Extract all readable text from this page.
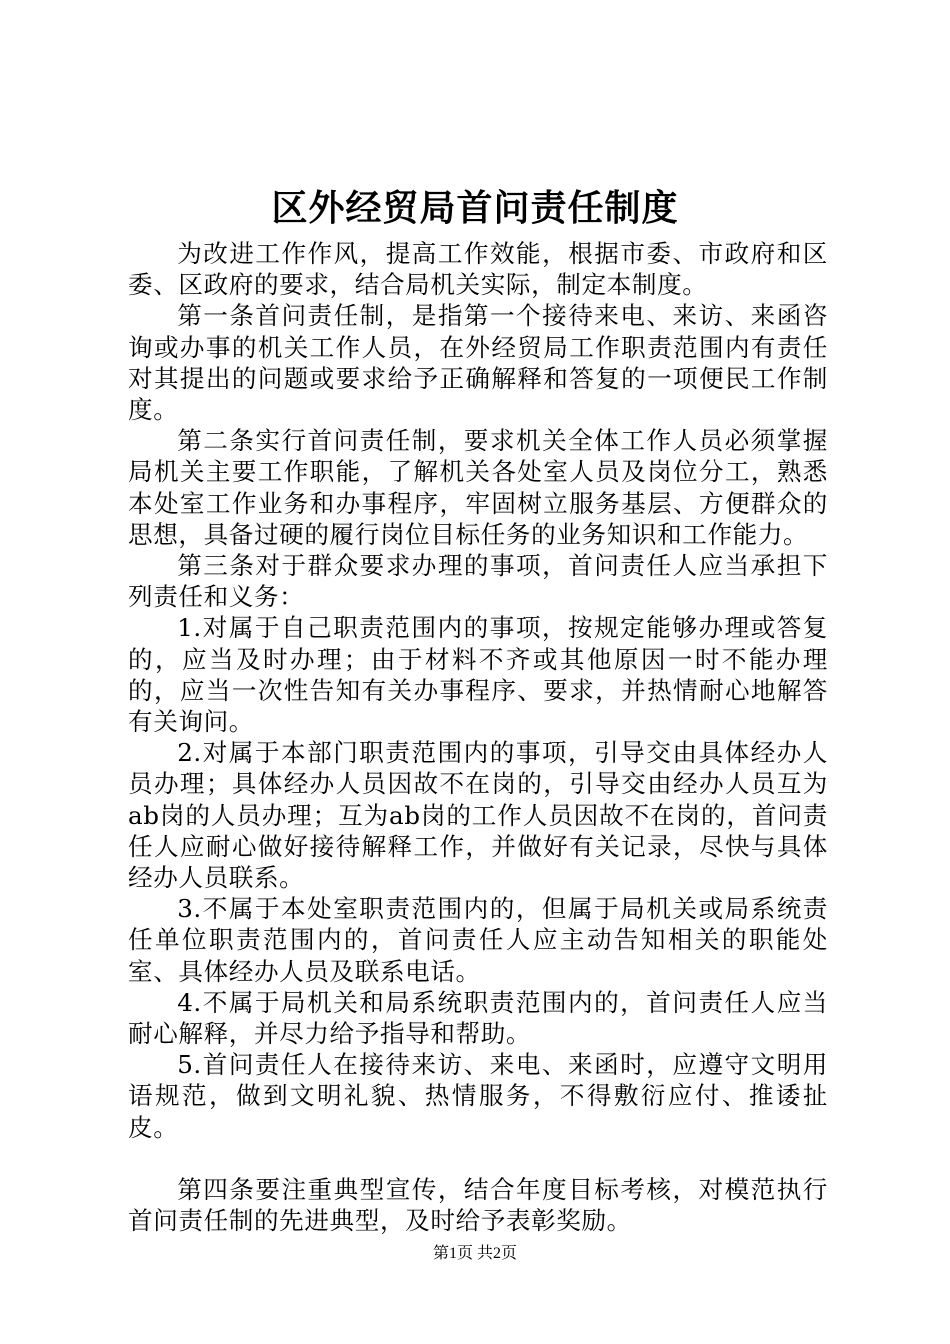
区外经贸局首问责任制度

为改进工作作风，提高工作效能，根据市委、市政府和区委、区政府的要求，结合局机关实际，制定本制度。

第一条首问责任制，是指第一个接待来电、来访、来函咨询或办事的机关工作人员，在外经贸局工作职责范围内有责任对其提出的问题或要求给予正确解释和答复的一项便民工作制度。

第二条实行首问责任制，要求机关全体工作人员必须掌握局机关主要工作职能，了解机关各处室人员及岗位分工，熟悉本处室工作业务和办事程序，牢固树立服务基层、方便群众的思想，具备过硬的履行岗位目标任务的业务知识和工作能力。

第三条对于群众要求办理的事项，首问责任人应当承担下列责任和义务：

1.对属于自己职责范围内的事项，按规定能够办理或答复的，应当及时办理；由于材料不齐或其他原因一时不能办理的，应当一次性告知有关办事程序、要求，并热情耐心地解答有关询问。

2.对属于本部门职责范围内的事项，引导交由具体经办人员办理；具体经办人员因故不在岗的，引导交由经办人员互为ab岗的人员办理；互为ab岗的工作人员因故不在岗的，首问责任人应耐心做好接待解释工作，并做好有关记录，尽快与具体经办人员联系。

3.不属于本处室职责范围内的，但属于局机关或局系统责任单位职责范围内的，首问责任人应主动告知相关的职能处室、具体经办人员及联系电话。

4.不属于局机关和局系统职责范围内的，首问责任人应当耐心解释，并尽力给予指导和帮助。

5.首问责任人在接待来访、来电、来函时，应遵守文明用语规范，做到文明礼貌、热情服务，不得敷衍应付、推诿扯皮。

第四条要注重典型宣传，结合年度目标考核，对模范执行首问责任制的先进典型，及时给予表彰奖励。

第1页 共2页
